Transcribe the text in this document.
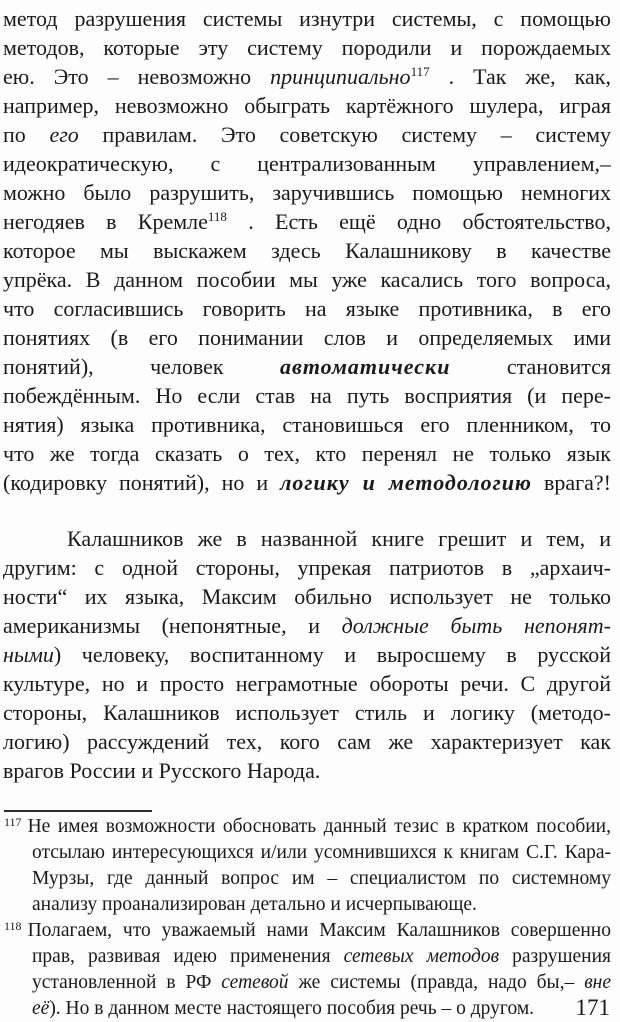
метод разрушения системы изнутри системы, с помощью
методов, которые эту систему породили и порождаемых
ею. Это – невозможно принципиально$^{117}$ . Так же, как,
например, невозможно обыграть картёжного шулера, играя
по его правилам. Это советскую систему – систему
идеократическую, с централизованным управлением,–
можно было разрушить, заручившись помощью немногих
негодяев в Кремле$^{118}$ . Есть ещё одно обстоятельство,
которое мы выскажем здесь Калашникову в качестве
упрёка. В данном пособии мы уже касались того вопроса,
что согласившись говорить на языке противника, в его
понятиях (в его понимании слов и определяемых ими
понятий), человек автоматически становится
побеждённым. Но если став на путь восприятия (и пере-
нятия) языка противника, становишься его пленником, то
что же тогда сказать о тех, кто перенял не только язык
(кодировку понятий), но и логику и методологию врага?!
Калашников же в названной книге грешит и тем, и
другим: с одной стороны, упрекая патриотов в „архаич-
ности“ их языка, Максим обильно использует не только
американизмы (непонятные, и должные быть непонят-
ными) человеку, воспитанному и выросшему в русской
культуре, но и просто неграмотные обороты речи. С другой
стороны, Калашников использует стиль и логику (методо-
логию) рассуждений тех, кого сам же характеризует как
врагов России и Русского Народа.
$^{117}$ Не имея возможности обосновать данный тезис в кратком пособии,
отсылаю интересующихся и/или усомнившихся к книгам С.Г. Кара-
Мурзы, где данный вопрос им – специалистом по системному
анализу проанализирован детально и исчерпывающе.
$^{118}$ Полагаем, что уважаемый нами Максим Калашников совершенно
прав, развивая идею применения сетевых методов разрушения
установленной в РФ сетевой же системы (правда, надо бы,– вне
её). Но в данном месте настоящего пособия речь – о другом.	171
